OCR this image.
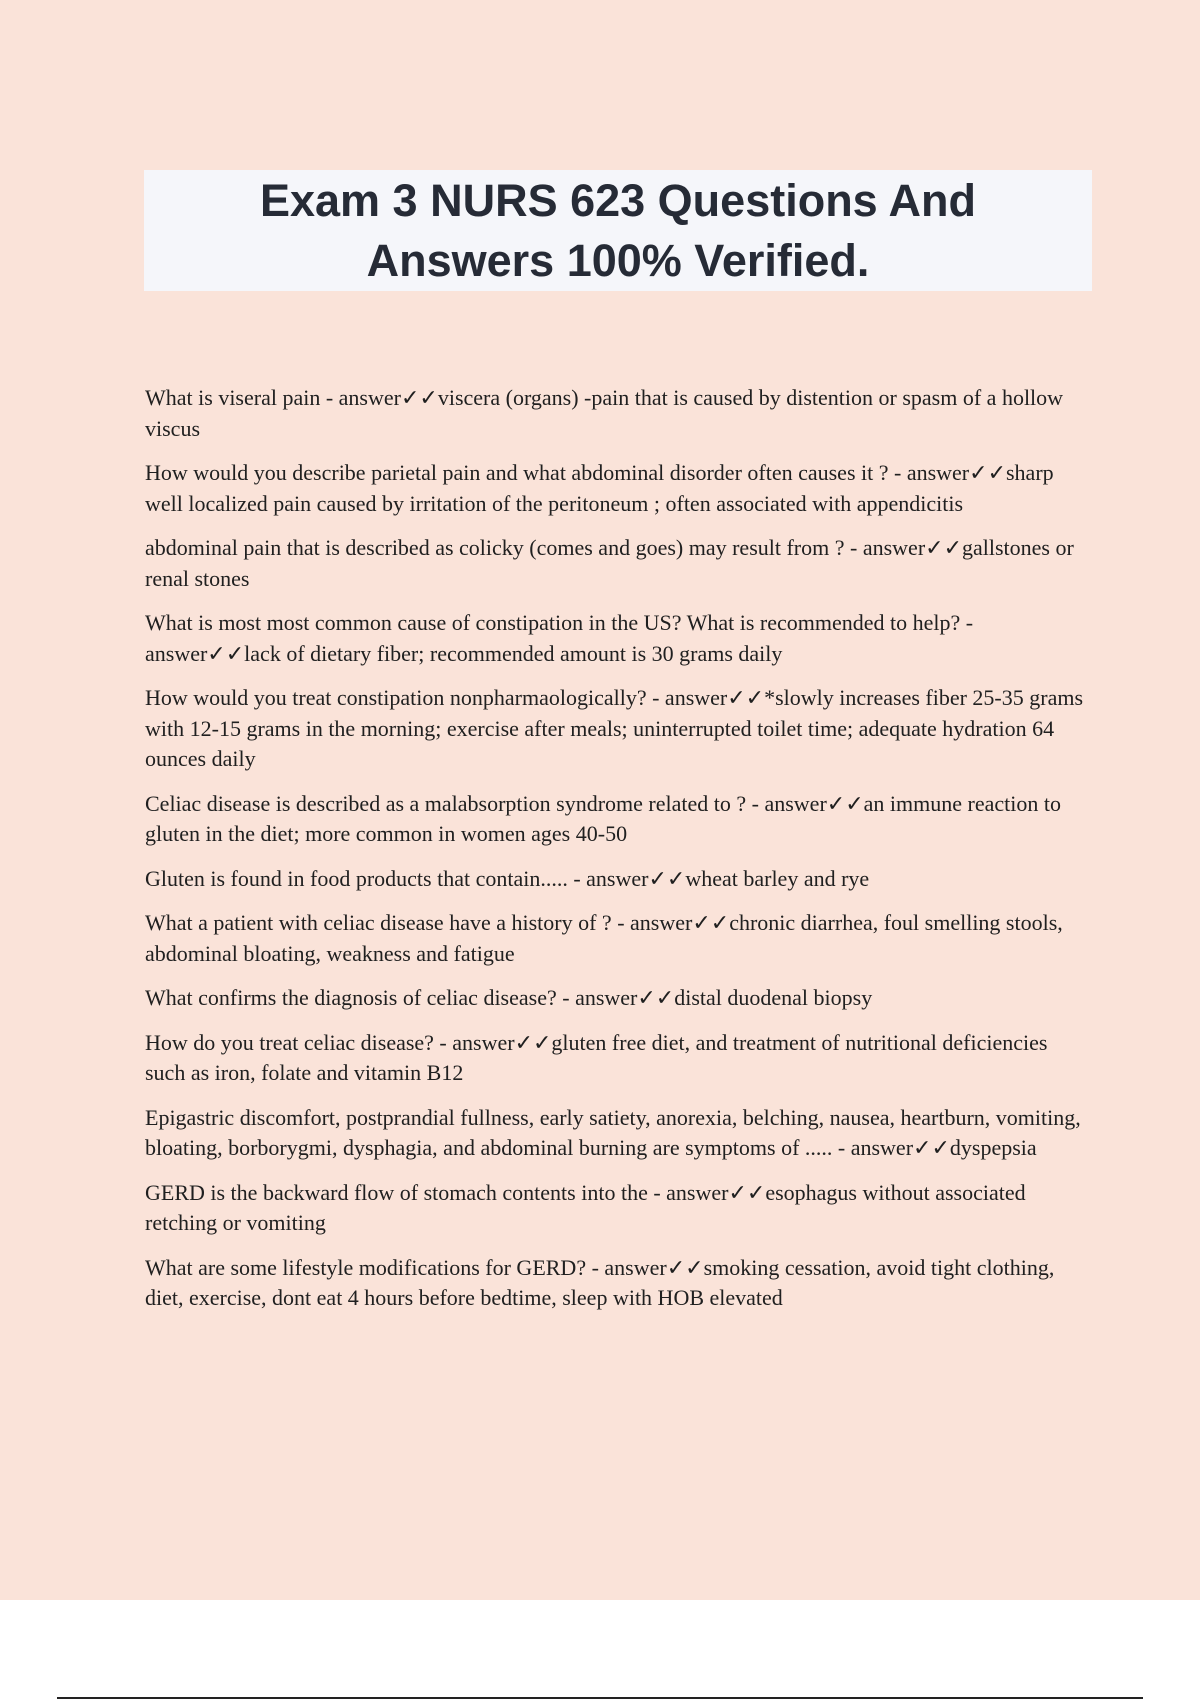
Exam 3 NURS 623 Questions And Answers 100% Verified.

What is viseral pain - answer✓✓viscera (organs) -pain that is caused by distention or spasm of a hollow viscus

How would you describe parietal pain and what abdominal disorder often causes it ? - answer✓✓sharp well localized pain caused by irritation of the peritoneum ; often associated with appendicitis

abdominal pain that is described as colicky (comes and goes) may result from ? - answer✓✓gallstones or renal stones

What is most most common cause of constipation in the US? What is recommended to help? - answer✓✓lack of dietary fiber; recommended amount is 30 grams daily

How would you treat constipation nonpharmaologically? - answer✓✓*slowly increases fiber 25-35 grams with 12-15 grams in the morning; exercise after meals; uninterrupted toilet time; adequate hydration 64 ounces daily

Celiac disease is described as a malabsorption syndrome related to ? - answer✓✓an immune reaction to gluten in the diet; more common in women ages 40-50

Gluten is found in food products that contain..... - answer✓✓wheat barley and rye

What a patient with celiac disease have a history of ? - answer✓✓chronic diarrhea, foul smelling stools, abdominal bloating, weakness and fatigue

What confirms the diagnosis of celiac disease? - answer✓✓distal duodenal biopsy

How do you treat celiac disease? - answer✓✓gluten free diet, and treatment of nutritional deficiencies such as iron, folate and vitamin B12

Epigastric discomfort, postprandial fullness, early satiety, anorexia, belching, nausea, heartburn, vomiting, bloating, borborygmi, dysphagia, and abdominal burning are symptoms of ..... - answer✓✓dyspepsia

GERD is the backward flow of stomach contents into the - answer✓✓esophagus without associated retching or vomiting

What are some lifestyle modifications for GERD? - answer✓✓smoking cessation, avoid tight clothing, diet, exercise, dont eat 4 hours before bedtime, sleep with HOB elevated
